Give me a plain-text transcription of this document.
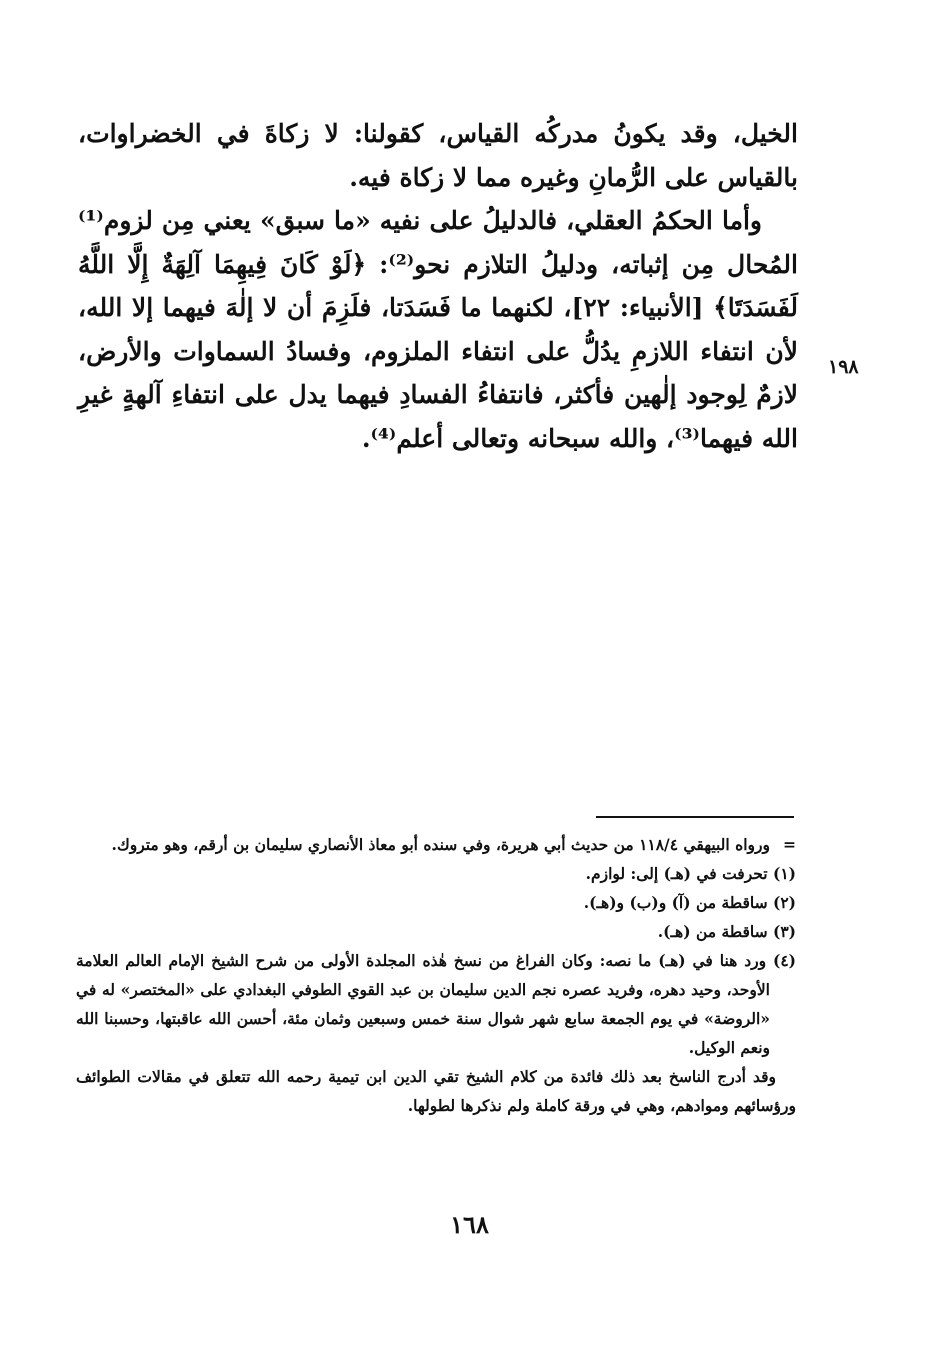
الخيل، وقد يكونُ مدركُه القياس، كقولنا: لا زكاةَ في الخضراوات، بالقياس على الرُّمانِ وغيره مما لا زكاة فيه.

وأما الحكمُ العقلي، فالدليلُ على نفيه «ما سبق» يعني مِن لزوم⁽¹⁾ المُحال مِن إثباته، ودليلُ التلازم نحو⁽²⁾: ﴿لَوْ كَانَ فِيهِمَا آلِهَةٌ إِلَّا اللَّهُ لَفَسَدَتَا﴾ [الأنبياء: ٢٢]، لكنهما ما فَسَدَتا، فلَزِمَ أن لا إلٰهَ فيهما إلا الله، لأن انتفاء اللازمِ يدُلُّ على انتفاء الملزوم، وفسادُ السماوات والأرض، لازمٌ لِوجود إلٰهين فأكثر، فانتفاءُ الفسادِ فيهما يدل على انتفاءِ آلهةٍ غيرِ الله فيهما⁽³⁾، والله سبحانه وتعالى أعلم⁽⁴⁾.

١٩٨

=
ورواه البيهقي ١١٨/٤ من حديث أبي هريرة، وفي سنده أبو معاذ الأنصاري سليمان بن أرقم، وهو متروك.

(١) تحرفت في (هـ) إلى: لوازم.

(٢) ساقطة من (آ) و(ب) و(هـ).

(٣) ساقطة من (هـ).

(٤) ورد هنا في (هـ) ما نصه: وكان الفراغ من نسخ هٰذه المجلدة الأولى من شرح الشيخ الإمام العالم العلامة الأوحد، وحيد دهره، وفريد عصره نجم الدين سليمان بن عبد القوي الطوفي البغدادي على «المختصر» له في «الروضة» في يوم الجمعة سابع شهر شوال سنة خمس وسبعين وثمان مئة، أحسن الله عاقبتها، وحسبنا الله ونعم الوكيل.

وقد أدرج الناسخ بعد ذلك فائدة من كلام الشيخ تقي الدين ابن تيمية رحمه الله تتعلق في مقالات الطوائف ورؤسائهم وموادهم، وهي في ورقة كاملة ولم نذكرها لطولها.

١٦٨
